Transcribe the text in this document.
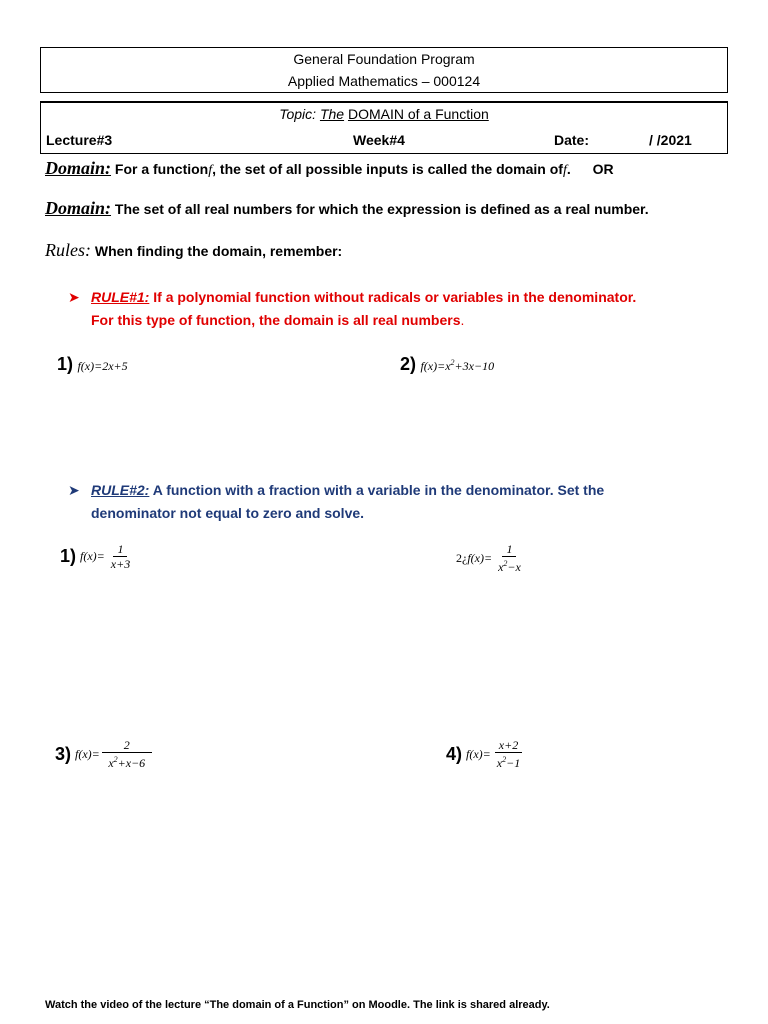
General Foundation Program
Applied Mathematics – 000124
Topic: The DOMAIN of a Function
Lecture#3	Week#4	Date:	/ /2021
Domain: For a functionf, the set of all possible inputs is called the domain off. OR
Domain: The set of all real numbers for which the expression is defined as a real number.
Rules: When finding the domain, remember:
➤ RULE#1: If a polynomial function without radicals or variables in the denominator.
For this type of function, the domain is all real numbers.
1) f(x)=2x+5	2) $f(x)=x^2+3x-10$
➤ RULE#2: A function with a fraction with a variable in the denominator. Set the
denominator not equal to zero and solve.
1) $f(x)= \frac{1}{x+3}$	2¿ $f(x)= \frac{1}{x^2-x}$
3) $f(x)= \frac{2}{x^2+x-6}$	4) $f(x)= \frac{x+2}{x^2-1}$
Watch the video of the lecture “The domain of a Function” on Moodle. The link is shared already.
